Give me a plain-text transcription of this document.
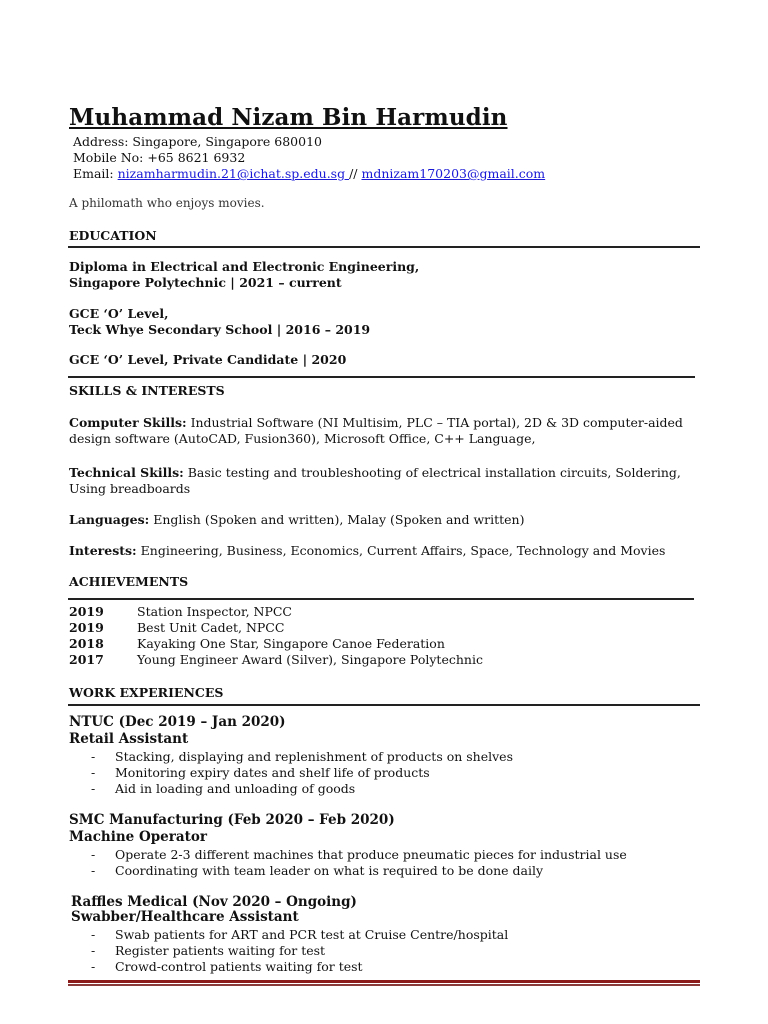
Muhammad Nizam Bin Harmudin
Address: Singapore, Singapore 680010
Mobile No: +65 8621 6932
Email: nizamharmudin.21@ichat.sp.edu.sg // mdnizam170203@gmail.com
A philomath who enjoys movies.
EDUCATION
Diploma in Electrical and Electronic Engineering,
Singapore Polytechnic | 2021 – current
GCE ‘O’ Level,
Teck Whye Secondary School | 2016 – 2019
GCE ‘O’ Level, Private Candidate | 2020
SKILLS & INTERESTS
Computer Skills: Industrial Software (NI Multisim, PLC – TIA portal), 2D & 3D computer-aided design software (AutoCAD, Fusion360), Microsoft Office, C++ Language,
Technical Skills: Basic testing and troubleshooting of electrical installation circuits, Soldering, Using breadboards
Languages: English (Spoken and written), Malay (Spoken and written)
Interests: Engineering, Business, Economics, Current Affairs, Space, Technology and Movies
ACHIEVEMENTS
2019	Station Inspector, NPCC
2019	Best Unit Cadet, NPCC
2018	Kayaking One Star, Singapore Canoe Federation
2017	Young Engineer Award (Silver), Singapore Polytechnic
WORK EXPERIENCES
NTUC (Dec 2019 – Jan 2020)
Retail Assistant
- Stacking, displaying and replenishment of products on shelves
- Monitoring expiry dates and shelf life of products
- Aid in loading and unloading of goods
SMC Manufacturing (Feb 2020 – Feb 2020)
Machine Operator
- Operate 2-3 different machines that produce pneumatic pieces for industrial use
- Coordinating with team leader on what is required to be done daily
Raffles Medical (Nov 2020 – Ongoing)
Swabber/Healthcare Assistant
- Swab patients for ART and PCR test at Cruise Centre/hospital
- Register patients waiting for test
- Crowd-control patients waiting for test
